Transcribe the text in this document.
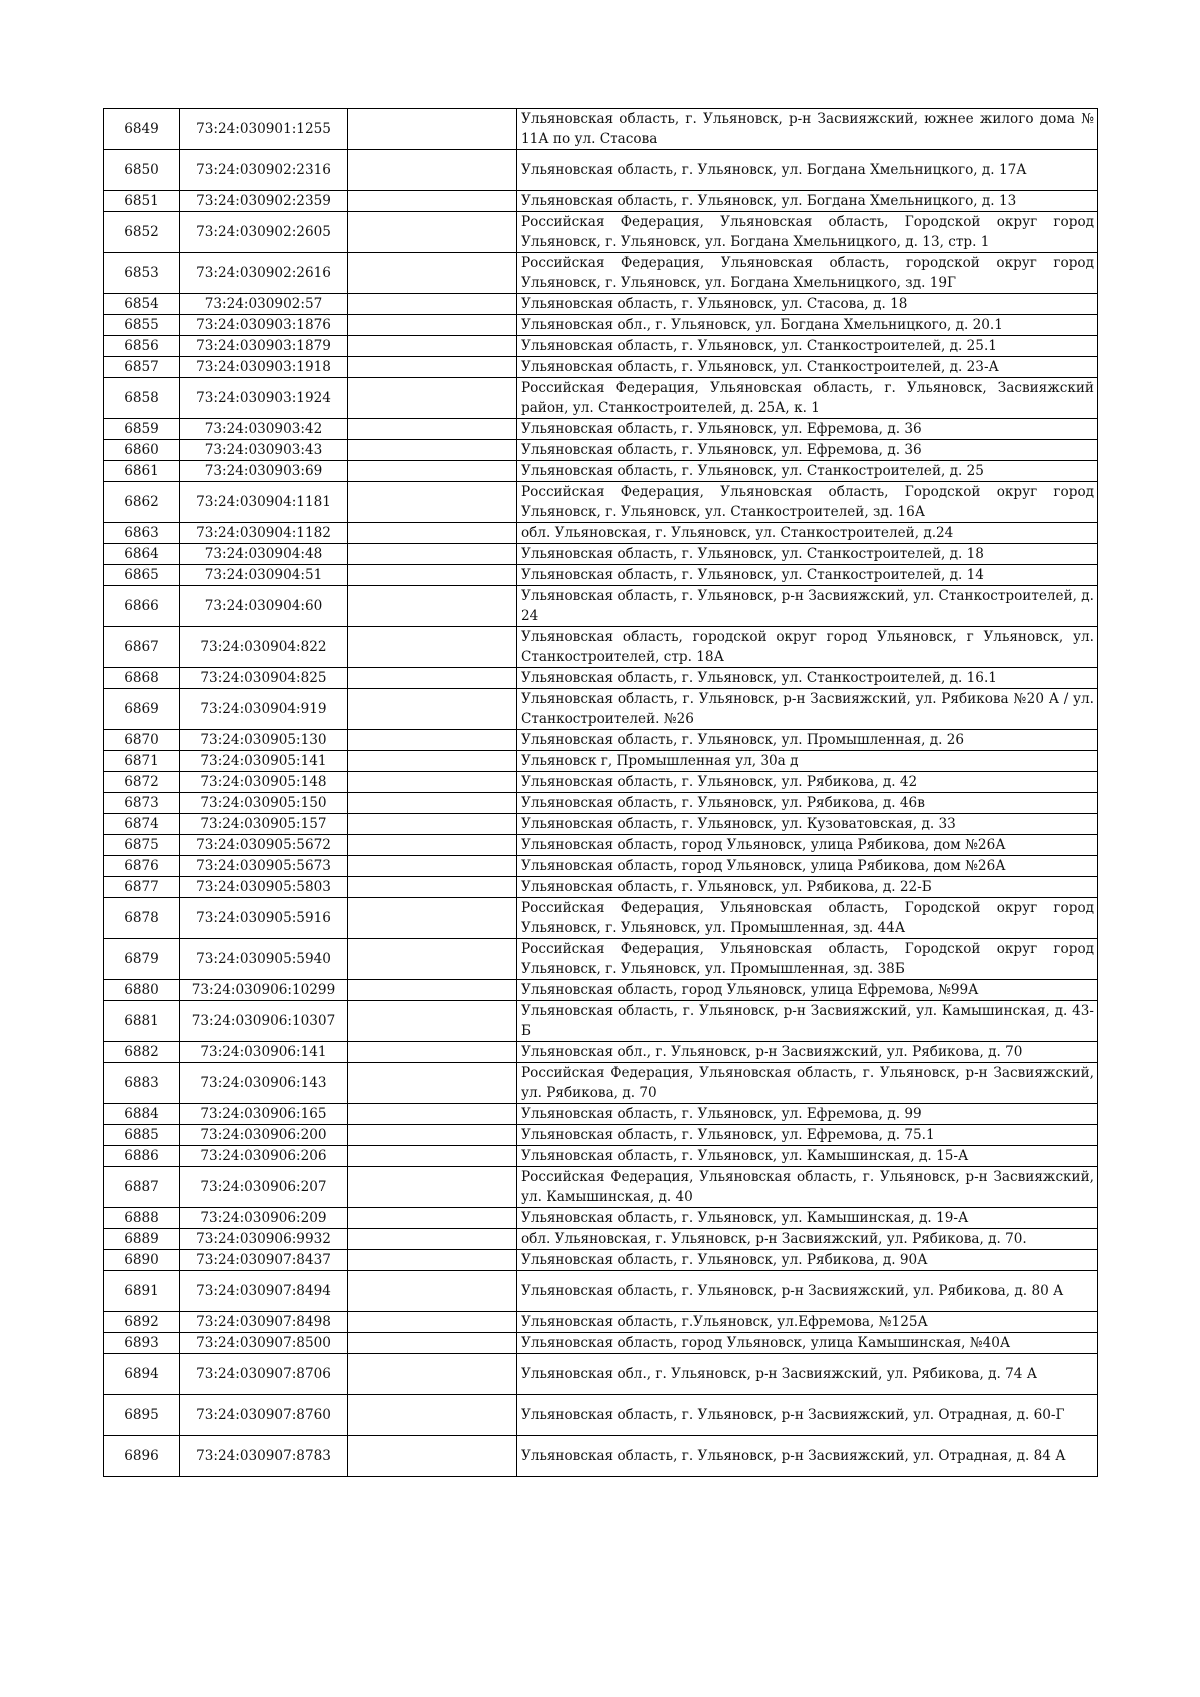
6849	73:24:030901:1255		Ульяновская область, г. Ульяновск, р-н Засвияжский, южнее жилого дома № 11А по ул. Стасова
6850	73:24:030902:2316		Ульяновская область, г. Ульяновск, ул. Богдана Хмельницкого, д. 17А
6851	73:24:030902:2359		Ульяновская область, г. Ульяновск, ул. Богдана Хмельницкого, д. 13
6852	73:24:030902:2605		Российская Федерация, Ульяновская область, Городской округ город Ульяновск, г. Ульяновск, ул. Богдана Хмельницкого, д. 13, стр. 1
6853	73:24:030902:2616		Российская Федерация, Ульяновская область, городской округ город Ульяновск, г. Ульяновск, ул. Богдана Хмельницкого, зд. 19Г
6854	73:24:030902:57		Ульяновская область, г. Ульяновск, ул. Стасова, д. 18
6855	73:24:030903:1876		Ульяновская обл., г. Ульяновск, ул. Богдана Хмельницкого, д. 20.1
6856	73:24:030903:1879		Ульяновская область, г. Ульяновск, ул. Станкостроителей, д. 25.1
6857	73:24:030903:1918		Ульяновская область, г. Ульяновск, ул. Станкостроителей, д. 23-А
6858	73:24:030903:1924		Российская Федерация, Ульяновская область, г. Ульяновск, Засвияжский район, ул. Станкостроителей, д. 25А, к. 1
6859	73:24:030903:42		Ульяновская область, г. Ульяновск, ул. Ефремова, д. 36
6860	73:24:030903:43		Ульяновская область, г. Ульяновск, ул. Ефремова, д. 36
6861	73:24:030903:69		Ульяновская область, г. Ульяновск, ул. Станкостроителей, д. 25
6862	73:24:030904:1181		Российская Федерация, Ульяновская область, Городской округ город Ульяновск, г. Ульяновск, ул. Станкостроителей, зд. 16А
6863	73:24:030904:1182		обл. Ульяновская, г. Ульяновск, ул. Станкостроителей, д.24
6864	73:24:030904:48		Ульяновская область, г. Ульяновск, ул. Станкостроителей, д. 18
6865	73:24:030904:51		Ульяновская область, г. Ульяновск, ул. Станкостроителей, д. 14
6866	73:24:030904:60		Ульяновская область, г. Ульяновск, р-н Засвияжский, ул. Станкостроителей, д. 24
6867	73:24:030904:822		Ульяновская область, городской округ город Ульяновск, г Ульяновск, ул. Станкостроителей, стр. 18А
6868	73:24:030904:825		Ульяновская область, г. Ульяновск, ул. Станкостроителей, д. 16.1
6869	73:24:030904:919		Ульяновская область, г. Ульяновск, р-н Засвияжский, ул. Рябикова №20 А / ул. Станкостроителей. №26
6870	73:24:030905:130		Ульяновская область, г. Ульяновск, ул. Промышленная, д. 26
6871	73:24:030905:141		Ульяновск г, Промышленная ул, 30а д
6872	73:24:030905:148		Ульяновская область, г. Ульяновск, ул. Рябикова, д. 42
6873	73:24:030905:150		Ульяновская область, г. Ульяновск, ул. Рябикова, д. 46в
6874	73:24:030905:157		Ульяновская область, г. Ульяновск, ул. Кузоватовская, д. 33
6875	73:24:030905:5672		Ульяновская область, город Ульяновск, улица Рябикова, дом №26А
6876	73:24:030905:5673		Ульяновская область, город Ульяновск, улица Рябикова, дом №26А
6877	73:24:030905:5803		Ульяновская область, г. Ульяновск, ул. Рябикова, д. 22-Б
6878	73:24:030905:5916		Российская Федерация, Ульяновская область, Городской округ город Ульяновск, г. Ульяновск, ул. Промышленная, зд. 44А
6879	73:24:030905:5940		Российская Федерация, Ульяновская область, Городской округ город Ульяновск, г. Ульяновск, ул. Промышленная, зд. 38Б
6880	73:24:030906:10299		Ульяновская область, город Ульяновск, улица Ефремова, №99А
6881	73:24:030906:10307		Ульяновская область, г. Ульяновск, р-н Засвияжский, ул. Камышинская, д. 43-Б
6882	73:24:030906:141		Ульяновская обл., г. Ульяновск, р-н Засвияжский, ул. Рябикова, д. 70
6883	73:24:030906:143		Российская Федерация, Ульяновская область, г. Ульяновск, р-н Засвияжский, ул. Рябикова, д. 70
6884	73:24:030906:165		Ульяновская область, г. Ульяновск, ул. Ефремова, д. 99
6885	73:24:030906:200		Ульяновская область, г. Ульяновск, ул. Ефремова, д. 75.1
6886	73:24:030906:206		Ульяновская область, г. Ульяновск, ул. Камышинская, д. 15-А
6887	73:24:030906:207		Российская Федерация, Ульяновская область, г. Ульяновск, р-н Засвияжский, ул. Камышинская, д. 40
6888	73:24:030906:209		Ульяновская область, г. Ульяновск, ул. Камышинская, д. 19-А
6889	73:24:030906:9932		обл. Ульяновская, г. Ульяновск, р-н Засвияжский, ул. Рябикова, д. 70.
6890	73:24:030907:8437		Ульяновская область, г. Ульяновск, ул. Рябикова, д. 90А
6891	73:24:030907:8494		Ульяновская область, г. Ульяновск, р-н Засвияжский, ул. Рябикова, д. 80 А
6892	73:24:030907:8498		Ульяновская область, г.Ульяновск, ул.Ефремова, №125А
6893	73:24:030907:8500		Ульяновская область, город Ульяновск, улица Камышинская, №40А
6894	73:24:030907:8706		Ульяновская обл., г. Ульяновск, р-н Засвияжский, ул. Рябикова, д. 74 А
6895	73:24:030907:8760		Ульяновская область, г. Ульяновск, р-н Засвияжский, ул. Отрадная, д. 60-Г
6896	73:24:030907:8783		Ульяновская область, г. Ульяновск, р-н Засвияжский, ул. Отрадная, д. 84 А
